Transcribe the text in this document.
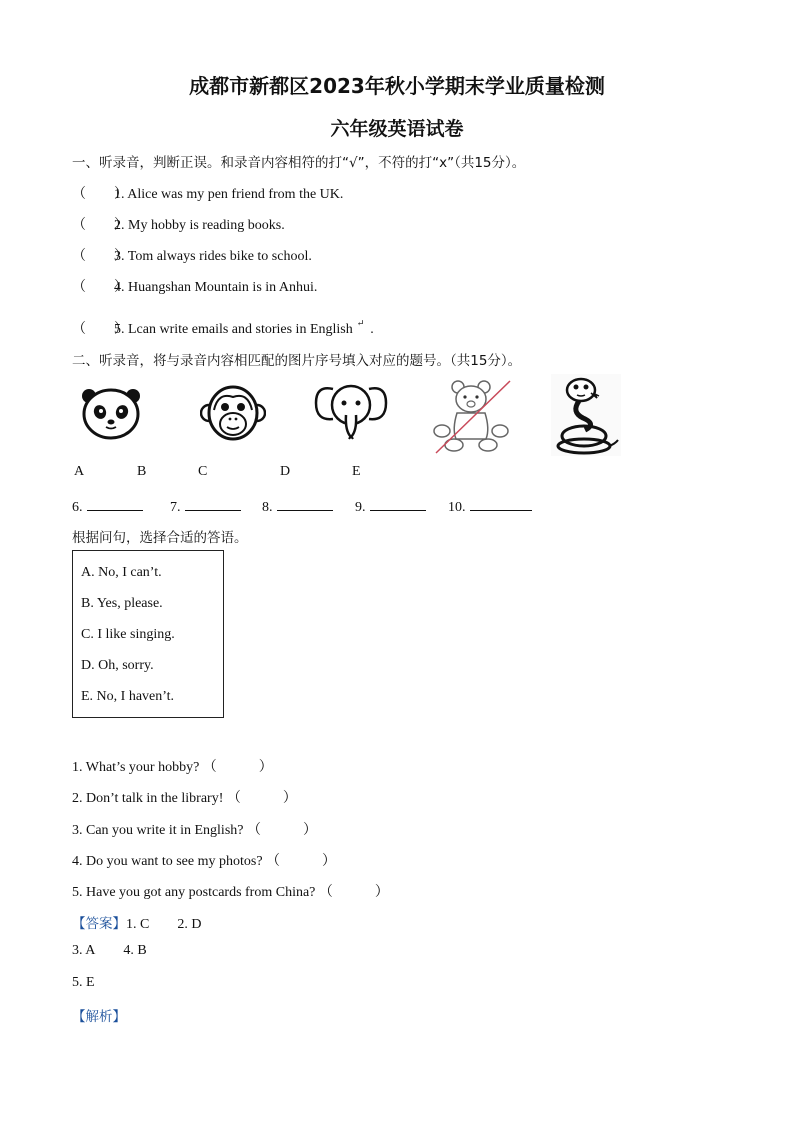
成都市新都区2023年秋小学期末学业质量检测
六年级英语试卷
一、听录音，判断正误。和录音内容相符的打“√”，不符的打“x”（共15分）。
（　　）1. Alice was my pen friend from the UK.
（　　）2. My hobby is reading books.
（　　）3. Tom always rides bike to school.
（　　）4. Huangshan Mountain is in Anhui.
（　　）5. Lcan write emails and stories in English ↵ .
二、听录音，将与录音内容相匹配的图片序号填入对应的题号。（共15分）。
A	B	C	D	E
6.	7.	8.	9.	10.
根据问句，选择合适的答语。
A. No, I can’t.
B. Yes, please.
C. I like singing.
D. Oh, sorry.
E. No, I haven’t.
1. What’s your hobby? （　　　）
2. Don’t talk in the library! （　　　）
3. Can you write it in English? （　　　）
4. Do you want to see my photos? （　　　）
5. Have you got any postcards from China? （　　　）
【答案】1. C 2. D
3. A 4. B
5. E
【解析】
